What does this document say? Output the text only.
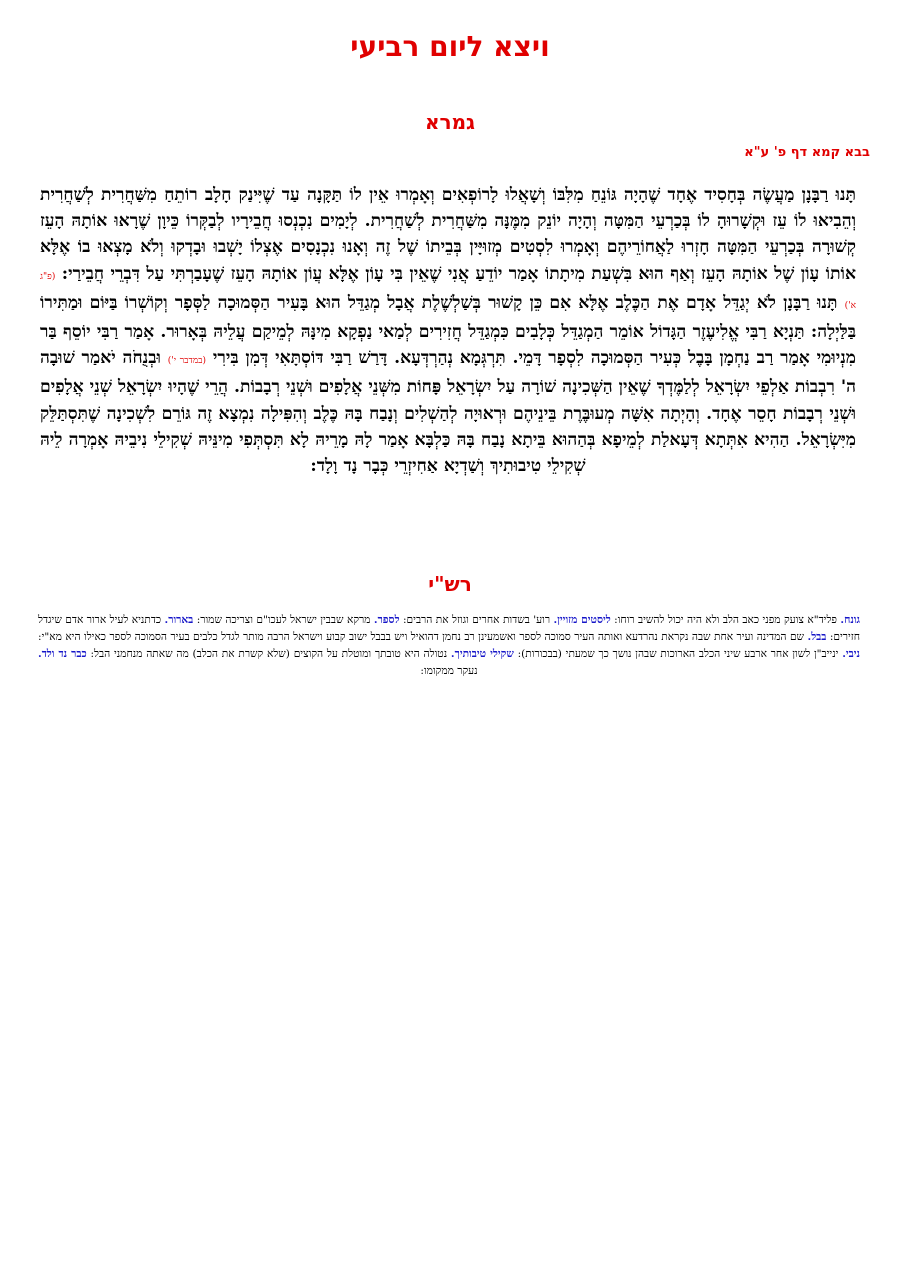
ויצא ליום רביעי
גמרא
בבא קמא דף פ' ע"א

תָּנוּ רַבָּנָן מַעֲשֶׂה בְּחָסִיד אֶחָד שֶׁהָיָה גּוֹנֵחַ מִלִּבּוֹ וְשָׁאֲלוּ לָרוֹפְאִים וְאָמְרוּ אֵין לוֹ תַּקָּנָה עַד שֶׁיִּינַק חָלָב רוֹתֵחַ מִשַּׁחֲרִית לְשַׁחֲרִית וְהֵבִיאוּ לוֹ עֵז וּקְשָׁרוּהָ לוֹ בְּכַרְעֵי הַמִּטָּה וְהָיָה יוֹנֵק מִמֶּנָּה מִשַּׁחֲרִית לְשַׁחֲרִית. לְיָמִים נִכְנְסוּ חֲבֵירָיו לְבַקְּרוֹ כֵּיוָן שֶׁרָאוּ אוֹתָהּ הָעֵז קְשׁוּרָה בְּכַרְעֵי הַמִּטָּה חָזְרוּ לַאֲחוֹרֵיהֶם וְאָמְרוּ לִסְטִים מְזוּיָּין בְּבֵיתוֹ שֶׁל זֶה וְאָנוּ נִכְנָסִים אֶצְלוֹ יָשְׁבוּ וּבָדְקוּ וְלֹא מָצְאוּ בוֹ אֶלָּא אוֹתוֹ עָוֹן שֶׁל אוֹתָהּ הָעֵז וְאַף הוּא בִּשְׁעַת מִיתָתוֹ אָמַר יוֹדֵעַ אֲנִי שֶׁאֵין בִּי עָוֹן אֶלָּא עֲוֹן אוֹתָהּ הָעֵז שֶׁעָבַרְתִּי עַל דִּבְרֵי חֲבֵירַי: (פ"ג א') תָּנוּ רַבָּנָן לֹא יְגַדֵּל אָדָם אֶת הַכֶּלֶב אֶלָּא אִם כֵּן קָשׁוּר בְּשַׁלְשֶׁלֶת אֲבָל מְגַדֵּל הוּא בָּעִיר הַסְּמוּכָה לַסְּפָר וְקוֹשְׁרוֹ בַּיּוֹם וּמַתִּירוֹ בַּלַּיְלָה: תַּנְיָא רַבִּי אֱלִיעֶזֶר הַגָּדוֹל אוֹמֵר הַמְגַדֵּל כְּלָבִים כִּמְגַדֵּל חֲזִירִים לְמַאי נַפְקָא מִינָּהּ לְמֵיקַם עֲלֵיהּ בְּאָרוּר. אָמַר רַבִּי יוֹסֵף בַּר מִנְיוּמִי אָמַר רַב נַחְמָן בָּבֶל כְּעִיר הַסְּמוּכָה לִסְפָר דָּמֵי. תִּרְגְּמָא נְהַרְדְּעָא. דָּרַשׁ רַבִּי דּוֹסְתָּאִי דְּמִן בִּירִי (במדבר י') וּבְנֻחֹה יֹאמַר שׁוּבָה ה' רִבְבוֹת אַלְפֵי יִשְׂרָאֵל לְלַמֶּדְךָ שֶׁאֵין הַשְּׁכִינָה שׁוֹרָה עַל יִשְׂרָאֵל פָּחוֹת מִשְּׁנֵי אֲלָפִים וּשְׁנֵי רְבָבוֹת. הֲרֵי שֶׁהָיוּ יִשְׂרָאֵל שְׁנֵי אֲלָפִים וּשְׁנֵי רְבָבוֹת חָסֵר אֶחָד. וְהָיְתָה אִשָּׁה מְעוּבֶּרֶת בֵּינֵיהֶם וּרְאוּיָה לְהַשְׁלִים וְנָבַח בָּהּ כֶּלֶב וְהִפִּילָה נִמְצָא זֶה גּוֹרֵם לִשְׁכִינָה שֶׁתִּסְתַּלֵּק מִיִּשְׂרָאֵל. הַהִיא אִתְּתָא דְּעָאלַת לְמֵיפָא בְּהַהוּא בֵּיתָא נָבַח בָּהּ כַּלְבָּא אָמַר לָהּ מָרֵיהּ לָא תִּסְתְּפִי מִינֵּיהּ שְׁקִילֵי נִיבֵיהּ אָמְרָה לֵיהּ שְׁקִילֵי טִיבוּתִיךְ וְשַׁדְיָא אַחִיזְרֵי כְּבָר נָד וָלָד:

רש"י

גונח. פליד"א צועק מפני כאב הלב ולא היה יכול להשיב רוחו: ליסטים מזויין. רוע' בשדות אחרים וגוזל את הרבים: לספר. מרקא שבבין ישראל לעכו"ם וצריכה שמור: בארור. כדתניא לעיל ארור אדם שיגדל חזירים: בבל. שם המדינה ועיר אחת שבה נקראת נהרדעא ואותה העיר סמוכה לספר ואשמעינן רב נחמן דהואיל ויש בבבל ישוב קבוע וישראל הרבה מותר לגדל כלבים בעיר הסמוכה לספר כאילו היא מא"י: ניבי. ינייב"ן לשון אחר ארבע שיני הכלב הארוכות שבהן נושך כך שמעתי (בבכורות): שקילי טיבותיך. נטולה היא טובתך ומוטלת על הקוצים (שלא קשרת את הכלב) מה שאתה מנחמני הבל: כבר נד ולד. נעקר ממקומו:
